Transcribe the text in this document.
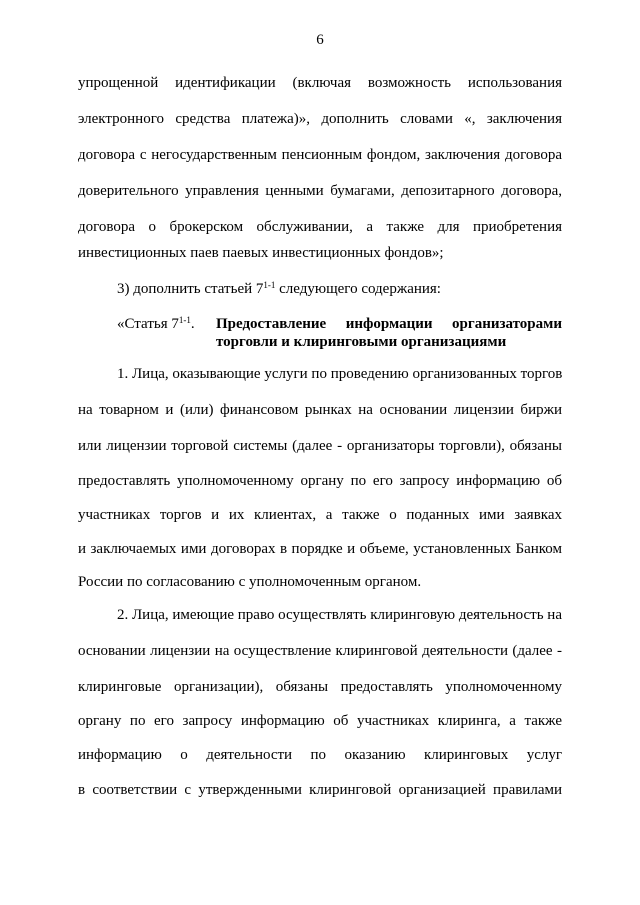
6
упрощенной идентификации (включая возможность использования
электронного средства платежа)», дополнить словами «, заключения
договора с негосударственным пенсионным фондом, заключения договора
доверительного управления ценными бумагами, депозитарного договора,
договора о брокерском обслуживании, а также для приобретения
инвестиционных паев паевых инвестиционных фондов»;
3) дополнить статьей 7$^{1-1}$ следующего содержания:
«Статья 7$^{1-1}$. Предоставление информации организаторами
торговли и клиринговыми организациями
1. Лица, оказывающие услуги по проведению организованных торгов
на товарном и (или) финансовом рынках на основании лицензии биржи
или лицензии торговой системы (далее - организаторы торговли), обязаны
предоставлять уполномоченному органу по его запросу информацию об
участниках торгов и их клиентах, а также о поданных ими заявках
и заключаемых ими договорах в порядке и объеме, установленных Банком
России по согласованию с уполномоченным органом.
2. Лица, имеющие право осуществлять клиринговую деятельность на
основании лицензии на осуществление клиринговой деятельности (далее -
клиринговые организации), обязаны предоставлять уполномоченному
органу по его запросу информацию об участниках клиринга, а также
информацию о деятельности по оказанию клиринговых услуг
в соответствии с утвержденными клиринговой организацией правилами
